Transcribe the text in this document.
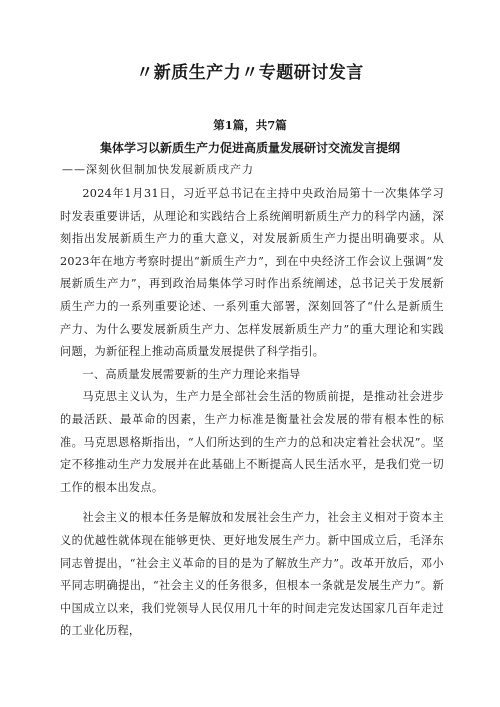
〃新质生产力〃专题研讨发言
第1篇，共7篇
集体学习以新质生产力促进高质量发展研讨交流发言提纲
——深刻伙但制加快发展新质戌产力

2024年1月31日，习近平总书记在主持中央政治局第十一次集体学习时发表重要讲话，从理论和实践结合上系统阐明新质生产力的科学内涵，深刻指出发展新质生产力的重大意义，对发展新质生产力提出明确要求。从2023年在地方考察时提出“新质生产力”，到在中央经济工作会议上强调“发展新质生产力”，再到政治局集体学习时作出系统阐述，总书记关于发展新质生产力的一系列重要论述、一系列重大部署，深刻回答了“什么是新质生产力、为什么要发展新质生产力、怎样发展新质生产力”的重大理论和实践问题，为新征程上推动高质量发展提供了科学指引。

一、高质量发展需要新的生产力理论来指导

马克思主义认为，生产力是全部社会生活的物质前提，是推动社会进步的最活跃、最革命的因素，生产力标准是衡量社会发展的带有根本性的标准。马克思恩格斯指出，“人们所达到的生产力的总和决定着社会状况”。坚定不移推动生产力发展并在此基础上不断提高人民生活水平，是我们党一切工作的根本出发点。

社会主义的根本任务是解放和发展社会生产力，社会主义相对于资本主义的优越性就体现在能够更快、更好地发展生产力。新中国成立后，毛泽东同志曾提出，“社会主义革命的目的是为了解放生产力”。改革开放后，邓小平同志明确提出，“社会主义的任务很多，但根本一条就是发展生产力”。新中国成立以来，我们党领导人民仅用几十年的时间走完发达国家几百年走过的工业化历程，
